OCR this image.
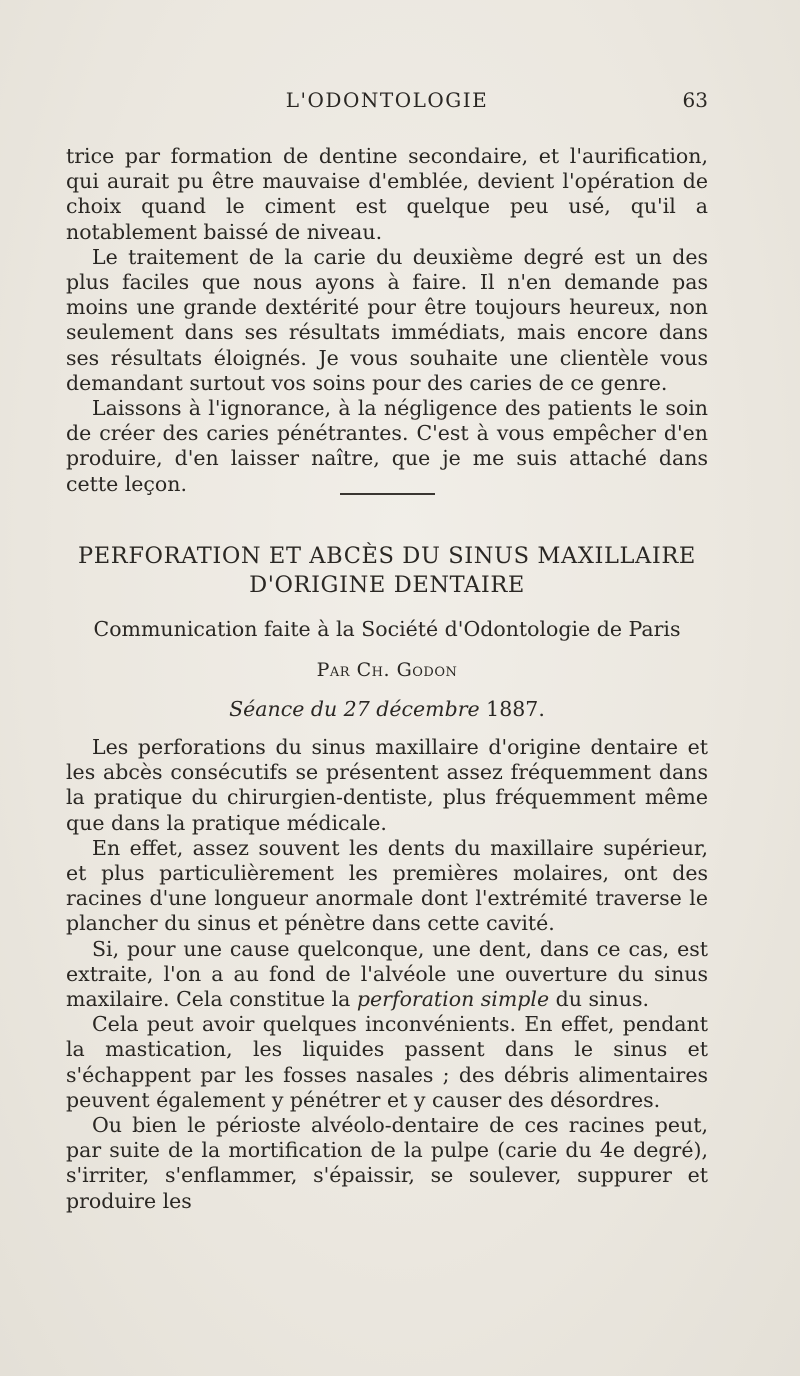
L'ODONTOLOGIE	63

trice par formation de dentine secondaire, et l'aurification, qui aurait pu être mauvaise d'emblée, devient l'opération de choix quand le ciment est quelque peu usé, qu'il a notablement baissé de niveau.

Le traitement de la carie du deuxième degré est un des plus faciles que nous ayons à faire. Il n'en demande pas moins une grande dextérité pour être toujours heureux, non seulement dans ses résultats immédiats, mais encore dans ses résultats éloignés. Je vous souhaite une clientèle vous demandant surtout vos soins pour des caries de ce genre.

Laissons à l'ignorance, à la négligence des patients le soin de créer des caries pénétrantes. C'est à vous empêcher d'en produire, d'en laisser naître, que je me suis attaché dans cette leçon.

PERFORATION ET ABCÈS DU SINUS MAXILLAIRE
D'ORIGINE DENTAIRE

Communication faite à la Société d'Odontologie de Paris

Par Ch. Godon

Séance du 27 décembre 1887.

Les perforations du sinus maxillaire d'origine dentaire et les abcès consécutifs se présentent assez fréquemment dans la pratique du chirurgien-dentiste, plus fréquemment même que dans la pratique médicale.

En effet, assez souvent les dents du maxillaire supérieur, et plus particulièrement les premières molaires, ont des racines d'une longueur anormale dont l'extrémité traverse le plancher du sinus et pénètre dans cette cavité.

Si, pour une cause quelconque, une dent, dans ce cas, est extraite, l'on a au fond de l'alvéole une ouverture du sinus maxilaire. Cela constitue la perforation simple du sinus.

Cela peut avoir quelques inconvénients. En effet, pendant la mastication, les liquides passent dans le sinus et s'échappent par les fosses nasales ; des débris alimentaires peuvent également y pénétrer et y causer des désordres.

Ou bien le périoste alvéolo-dentaire de ces racines peut, par suite de la mortification de la pulpe (carie du 4e degré), s'irriter, s'enflammer, s'épaissir, se soulever, suppurer et produire les
